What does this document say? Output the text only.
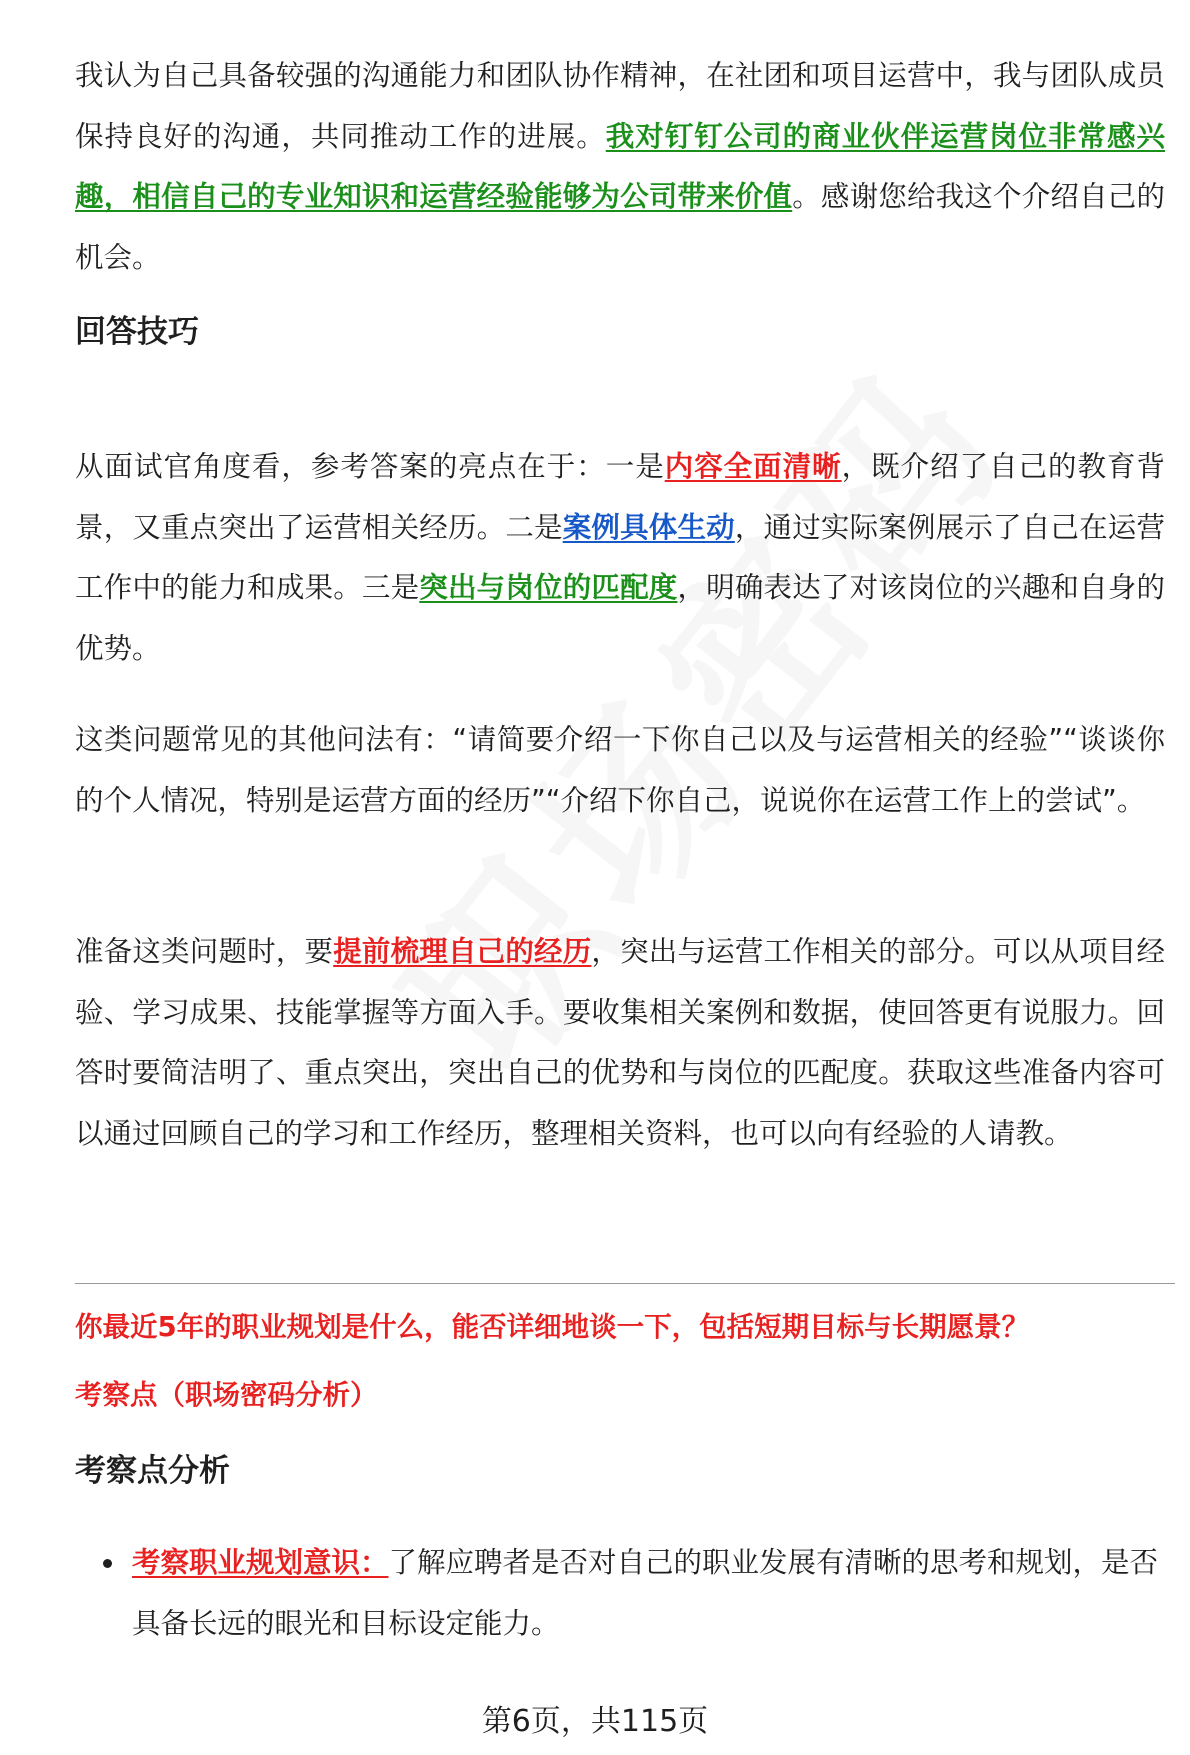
我认为自己具备较强的沟通能力和团队协作精神，在社团和项目运营中，我与团队成员保持良好的沟通，共同推动工作的进展。我对钉钉公司的商业伙伴运营岗位非常感兴趣，相信自己的专业知识和运营经验能够为公司带来价值。感谢您给我这个介绍自己的机会。

回答技巧

从面试官角度看，参考答案的亮点在于：一是内容全面清晰，既介绍了自己的教育背景，又重点突出了运营相关经历。二是案例具体生动，通过实际案例展示了自己在运营工作中的能力和成果。三是突出与岗位的匹配度，明确表达了对该岗位的兴趣和自身的优势。

这类问题常见的其他问法有：“请简要介绍一下你自己以及与运营相关的经验”“谈谈你的个人情况，特别是运营方面的经历”“介绍下你自己，说说你在运营工作上的尝试”。

准备这类问题时，要提前梳理自己的经历，突出与运营工作相关的部分。可以从项目经验、学习成果、技能掌握等方面入手。要收集相关案例和数据，使回答更有说服力。回答时要简洁明了、重点突出，突出自己的优势和与岗位的匹配度。获取这些准备内容可以通过回顾自己的学习和工作经历，整理相关资料，也可以向有经验的人请教。

你最近5年的职业规划是什么，能否详细地谈一下，包括短期目标与长期愿景？
考察点（职场密码分析）
考察点分析
考察职业规划意识：了解应聘者是否对自己的职业发展有清晰的思考和规划，是否具备长远的眼光和目标设定能力。
第6页，共115页
